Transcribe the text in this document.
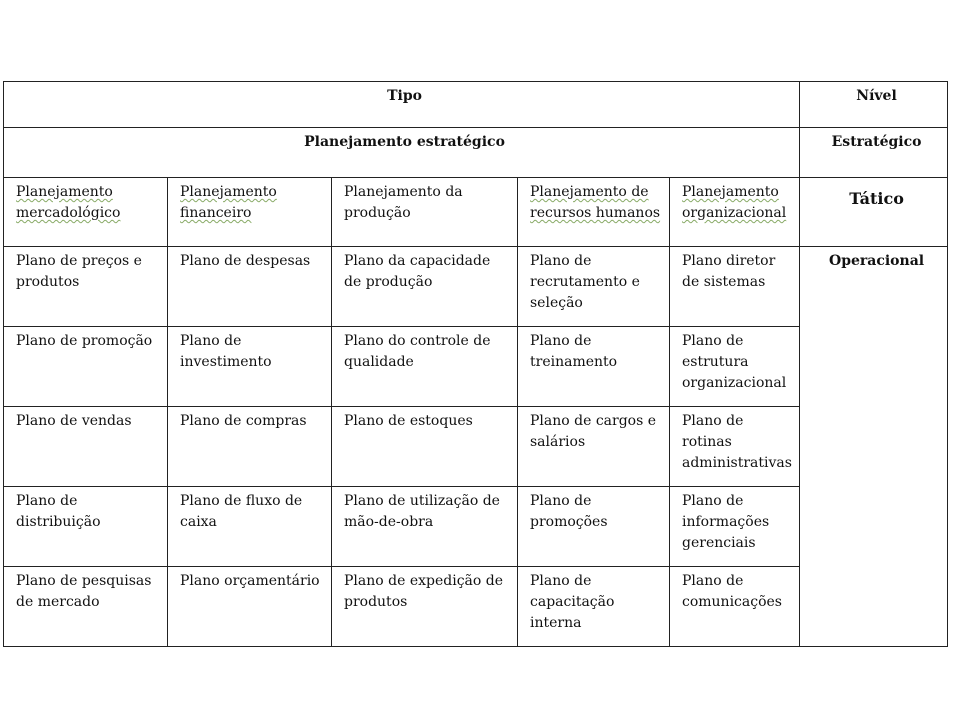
Tipo					Nível
Planejamento estratégico					Estratégico
Planejamento mercadológico	Planejamento financeiro	Planejamento da produção	Planejamento de recursos humanos	Planejamento organizacional	Tático
Plano de preços e produtos	Plano de despesas	Plano da capacidade de produção	Plano de recrutamento e seleção	Plano diretor de sistemas	Operacional
Plano de promoção	Plano de investimento	Plano do controle de qualidade	Plano de treinamento	Plano de estrutura organizacional	
Plano de vendas	Plano de compras	Plano de estoques	Plano de cargos e salários	Plano de rotinas administrativas	
Plano de distribuição	Plano de fluxo de caixa	Plano de utilização de mão-de-obra	Plano de promoções	Plano de informações gerenciais	
Plano de pesquisas de mercado	Plano orçamentário	Plano de expedição de produtos	Plano de capacitação interna	Plano de comunicações	
